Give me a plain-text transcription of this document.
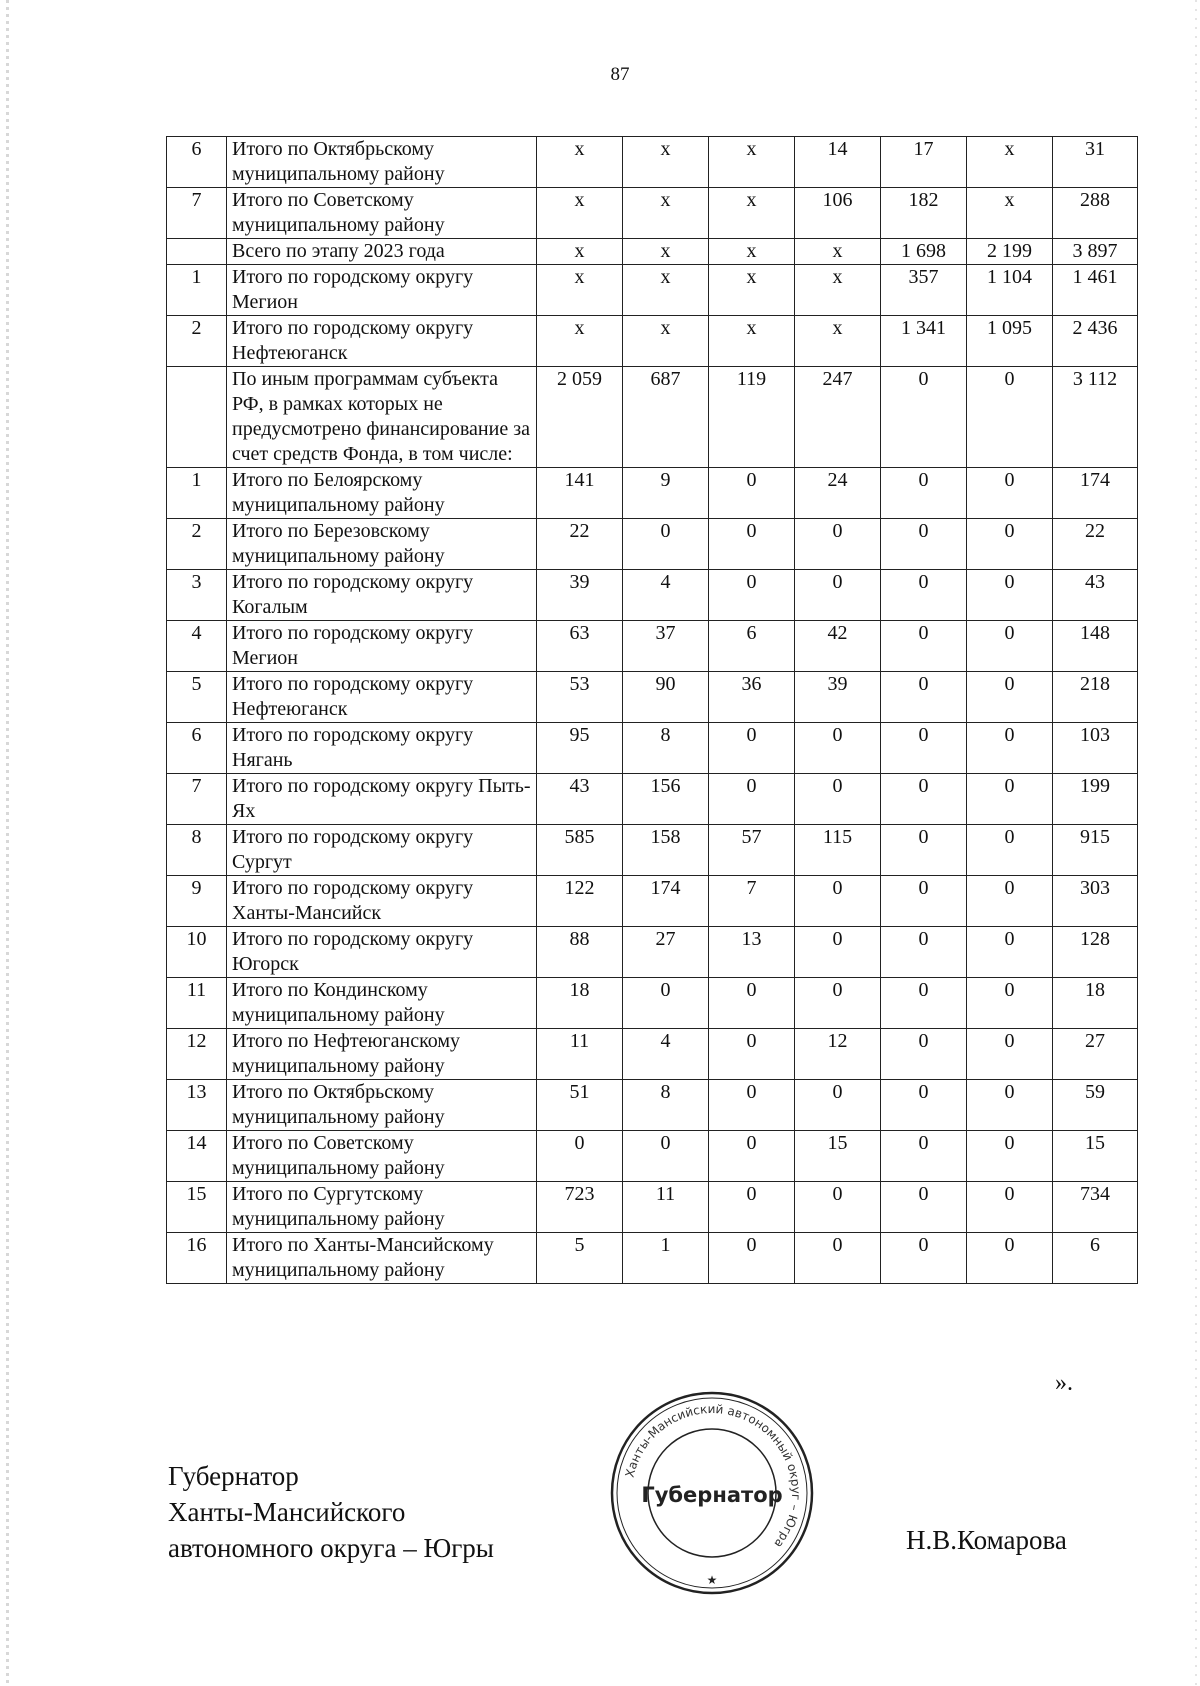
87
6	Итого по Октябрьскому муниципальному району	x	x	x	14	17	x	31
7	Итого по Советскому муниципальному району	x	x	x	106	182	x	288
	Всего по этапу 2023 года	x	x	x	x	1 698	2 199	3 897
1	Итого по городскому округу Мегион	x	x	x	x	357	1 104	1 461
2	Итого по городскому округу Нефтеюганск	x	x	x	x	1 341	1 095	2 436
	По иным программам субъекта РФ, в рамках которых не предусмотрено финансирование за счет средств Фонда, в том числе:	2 059	687	119	247	0	0	3 112
1	Итого по Белоярскому муниципальному району	141	9	0	24	0	0	174
2	Итого по Березовскому муниципальному району	22	0	0	0	0	0	22
3	Итого по городскому округу Когалым	39	4	0	0	0	0	43
4	Итого по городскому округу Мегион	63	37	6	42	0	0	148
5	Итого по городскому округу Нефтеюганск	53	90	36	39	0	0	218
6	Итого по городскому округу Нягань	95	8	0	0	0	0	103
7	Итого по городскому округу Пыть-Ях	43	156	0	0	0	0	199
8	Итого по городскому округу Сургут	585	158	57	115	0	0	915
9	Итого по городскому округу Ханты-Мансийск	122	174	7	0	0	0	303
10	Итого по городскому округу Югорск	88	27	13	0	0	0	128
11	Итого по Кондинскому муниципальному району	18	0	0	0	0	0	18
12	Итого по Нефтеюганскому муниципальному району	11	4	0	12	0	0	27
13	Итого по Октябрьскому муниципальному району	51	8	0	0	0	0	59
14	Итого по Советскому муниципальному району	0	0	0	15	0	0	15
15	Итого по Сургутскому муниципальному району	723	11	0	0	0	0	734
16	Итого по Ханты-Мансийскому муниципальному району	5	1	0	0	0	0	6
».
Губернатор
Ханты-Мансийского
автономного округа – Югры
Ханты-Мансийский автономный округ – Югра
Губернатор
★
Н.В.Комарова
